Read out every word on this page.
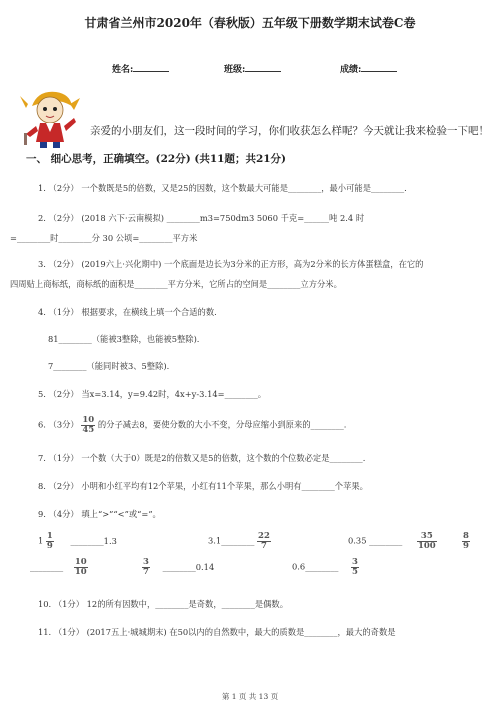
甘肃省兰州市2020年（春秋版）五年级下册数学期末试卷C卷
姓名:	班级:	成绩:
亲爱的小朋友们，这一段时间的学习，你们收获怎么样呢？今天就让我来检验一下吧！
一、 细心思考，正确填空。(22分) (共11题；共21分)
1. （2分） 一个数既是5的倍数，又是25的因数，这个数最大可能是________，最小可能是________.
2. （2分） (2018 六下·云南模拟) ________m3=750dm3 5060 千克=______吨 2.4 时
=________时________分 30 公顷=________平方米
3. （2分） (2019六上·兴化期中) 一个底面是边长为3分米的正方形，高为2分米的长方体蛋糕盒，在它的
四周贴上商标纸，商标纸的面积是________平方分米，它所占的空间是________立方分米。
4. （1分） 根据要求，在横线上填一个合适的数.
81________（能被3整除，也能被5整除).
7________（能同时被3、5整除).
5. （2分） 当x=3.14，y=9.42时，4x+y-3.14=________。
6. （3分） $\frac{10}{45}$ 的分子减去8，要使分数的大小不变，分母应缩小到原来的________.
7. （1分） 一个数（大于0）既是2的倍数又是5的倍数，这个数的个位数必定是________.
8. （2分） 小明和小红平均有12个苹果，小红有11个苹果，那么小明有________个苹果。
9. （4分） 填上“>”“<”或“=”。
$1 \frac{1}{9}$ ________1.3	3.1________ $\frac{22}{7}$	0.35 ________ $\frac{35}{100}$	$\frac{8}{9}$
________ $\frac{10}{10}$	$\frac{3}{7}$ ________0.14	0.6________ $\frac{3}{5}$
10. （1分） 12的所有因数中，________是奇数，________是偶数。
11. （1分） (2017五上·城城期末) 在50以内的自然数中，最大的质数是________，最大的奇数是
第 1 页 共 13 页
